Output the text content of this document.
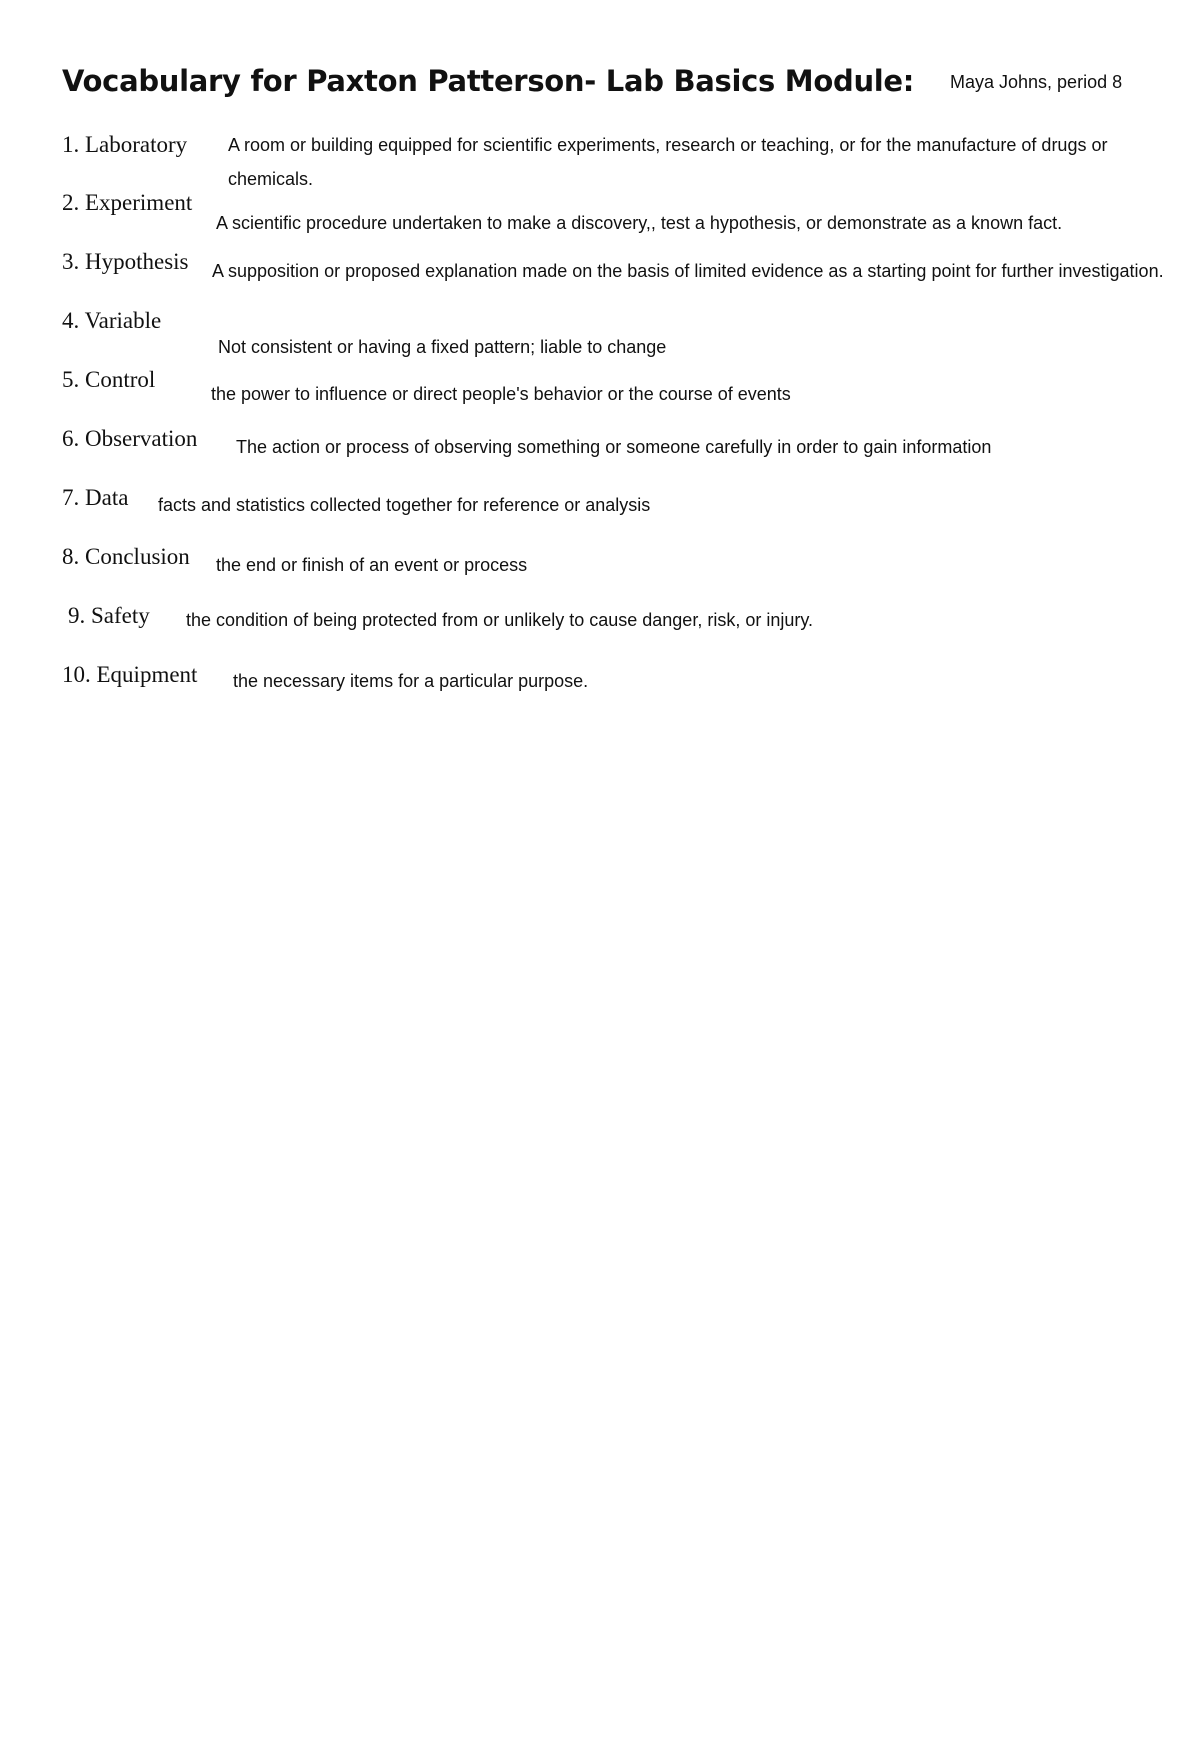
Vocabulary for Paxton Patterson- Lab Basics Module: Maya Johns, period 8
1. Laboratory A room or building equipped for scientific experiments, research or teaching, or for the manufacture of drugs or chemicals.
2. Experiment
A scientific procedure undertaken to make a discovery,, test a hypothesis, or demonstrate as a known fact.
3. Hypothesis A supposition or proposed explanation made on the basis of limited evidence as a starting point for further investigation.
4. Variable
Not consistent or having a fixed pattern; liable to change
5. Control
the power to influence or direct people's behavior or the course of events
6. Observation The action or process of observing something or someone carefully in order to gain information
7. Data facts and statistics collected together for reference or analysis
8. Conclusion the end or finish of an event or process
9. Safety the condition of being protected from or unlikely to cause danger, risk, or injury.
10. Equipment the necessary items for a particular purpose.
